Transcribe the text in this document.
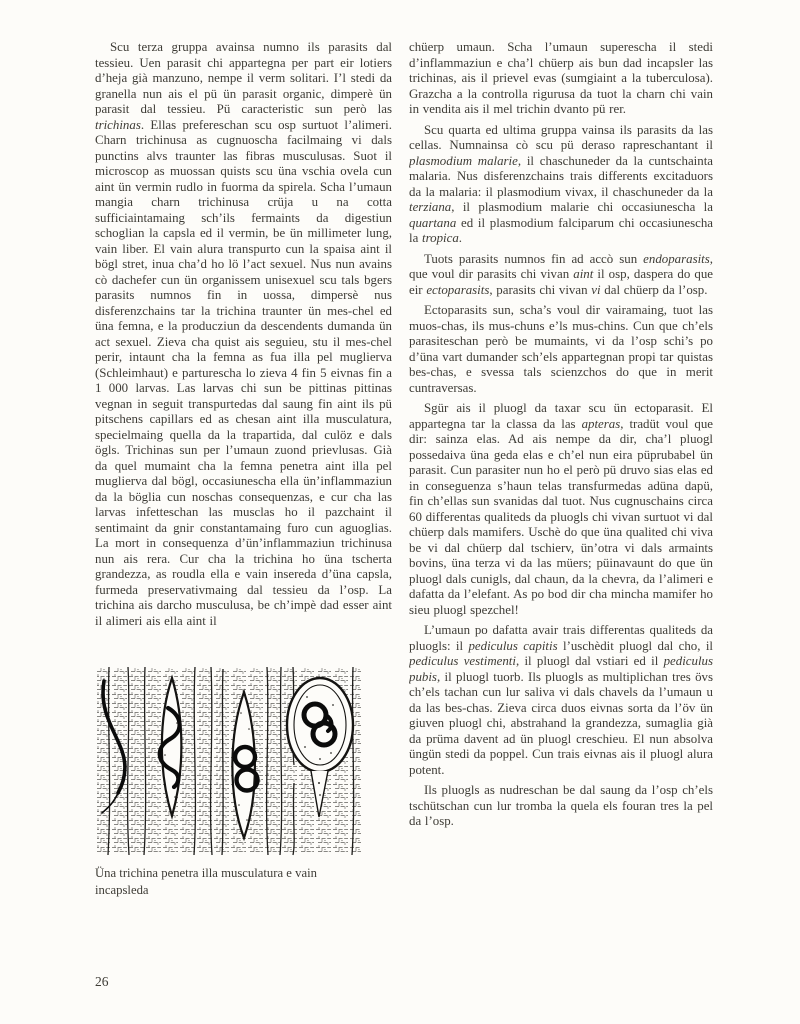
Scu terza gruppa avainsa numno ils parasits dal tessieu. Uen parasit chi appartegna per part eir lotiers d’heja già manzuno, nempe il verm solitari. I’l stedi da granella nun ais el pü ün parasit organic, dimperè ün parasit dal tessieu. Pü caracteristic sun però las trichinas. Ellas prefereschan scu osp surtuot l’alimeri. Charn trichinusa as cugnuoscha facilmaing vi dals punctins alvs traunter las fibras musculusas. Suot il microscop as muossan quists scu üna vschia ovela cun aint ün vermin rudlo in fuorma da spirela. Scha l’umaun mangia charn trichinusa crüja u na cotta sufficiaintamaing sch’ils fermaints da digestiun schoglian la capsla ed il vermin, be ün millimeter lung, vain liber. El vain alura transpurto cun la spaisa aint il bögl stret, inua cha’d ho lö l’act sexuel. Nus nun avains cò dachefer cun ün organissem unisexuel scu tals bgers parasits numnos fin in uossa, dimpersè nus disferenzchains tar la trichina traunter ün mes-chel ed üna femna, e la producziun da descendents dumanda ün act sexuel. Zieva cha quist ais seguieu, stu il mes-chel perir, intaunt cha la femna as fua illa pel muglierva (Schleimhaut) e parturescha lo zieva 4 fin 5 eivnas fin a 1 000 larvas. Las larvas chi sun be pittinas pittinas vegnan in seguit transpurtedas dal saung fin aint ils pü pitschens capillars ed as chesan aint illa musculatura, specielmaing quella da la trapartida, dal culöz e dals ögls. Trichinas sun per l’umaun zuond prievlusas. Già da quel mumaint cha la femna penetra aint illa pel muglierva dal bögl, occasiunescha ella ün’inflammaziun da la böglia cun noschas consequenzas, e cur cha las larvas infetteschan las musclas ho il pazchaint il sentimaint da gnir constantamaing furo cun aguoglias. La mort in consequenza d’ün’inflammaziun trichinusa nun ais rera. Cur cha la trichina ho üna tscherta grandezza, as roudla ella e vain insereda d’üna capsla, furmeda preservativmaing dal tessieu da l’osp. La trichina ais darcho musculusa, be ch’impè dad esser aint il alimeri ais ella aint il

Üna trichina penetra illa musculatura e vain incapsleda

chüerp umaun. Scha l’umaun superescha il stedi d’inflammaziun e cha’l chüerp ais bun dad incapsler las trichinas, ais il prievel evas (sumgiaint a la tuberculosa). Grazcha a la controlla rigurusa da tuot la charn chi vain in vendita ais il mel trichin dvanto pü rer.

Scu quarta ed ultima gruppa vainsa ils parasits da las cellas. Numnainsa cò scu pü deraso rapreschantant il plasmodium malarie, il chaschuneder da la cuntschainta malaria. Nus disferenzchains trais differents excitaduors da la malaria: il plasmodium vivax, il chaschuneder da la terziana, il plasmodium malarie chi occasiunescha la quartana ed il plasmodium falciparum chi occasiunescha la tropica.

Tuots parasits numnos fin ad accò sun endoparasits, que voul dir parasits chi vivan aint il osp, daspera do que eir ectoparasits, parasits chi vivan vi dal chüerp da l’osp.

Ectoparasits sun, scha’s voul dir vairamaing, tuot las muos-chas, ils mus-chuns e’ls mus-chins. Cun que ch’els parasiteschan però be mumaints, vi da l’osp schi’s po d’üna vart dumander sch’els appartegnan propi tar quistas bes-chas, e svessa tals scienzchos do que in merit cuntraversas.

Sgür ais il pluogl da taxar scu ün ectoparasit. El appartegna tar la classa da las apteras, tradüt voul que dir: sainza elas. Ad ais nempe da dir, cha’l pluogl possedaiva üna geda elas e ch’el nun eira püprubabel ün parasit. Cun parasiter nun ho el però pü druvo sias elas ed in conseguenza s’haun telas transfurmedas adüna dapü, fin ch’ellas sun svanidas dal tuot. Nus cugnuschains circa 60 differentas qualiteds da pluogls chi vivan surtuot vi dal chüerp dals mamifers. Uschè do que üna qualited chi viva be vi dal chüerp dal tschierv, ün’otra vi dals armaints bovins, üna terza vi da las müers; püinavaunt do que ün pluogl dals cunigls, dal chaun, da la chevra, da l’alimeri e dafatta da l’elefant. As po bod dir cha mincha mamifer ho sieu pluogl spezchel!

L’umaun po dafatta avair trais differentas qualiteds da pluogls: il pediculus capitis l’uschèdit pluogl dal cho, il pediculus vestimenti, il pluogl dal vstiari ed il pediculus pubis, il pluogl tuorb. Ils pluogls as multiplichan tres övs ch’els tachan cun lur saliva vi dals chavels da l’umaun u da las bes-chas. Zieva circa duos eivnas sorta da l’öv ün giuven pluogl chi, abstrahand la grandezza, sumaglia già da prüma davent ad ün pluogl creschieu. El nun absolva üngün stedi da poppel. Cun trais eivnas ais il pluogl alura potent.

Ils pluogls as nudreschan be dal saung da l’osp ch’els tschütschan cun lur tromba la quela els fouran tres la pel da l’osp.

26
